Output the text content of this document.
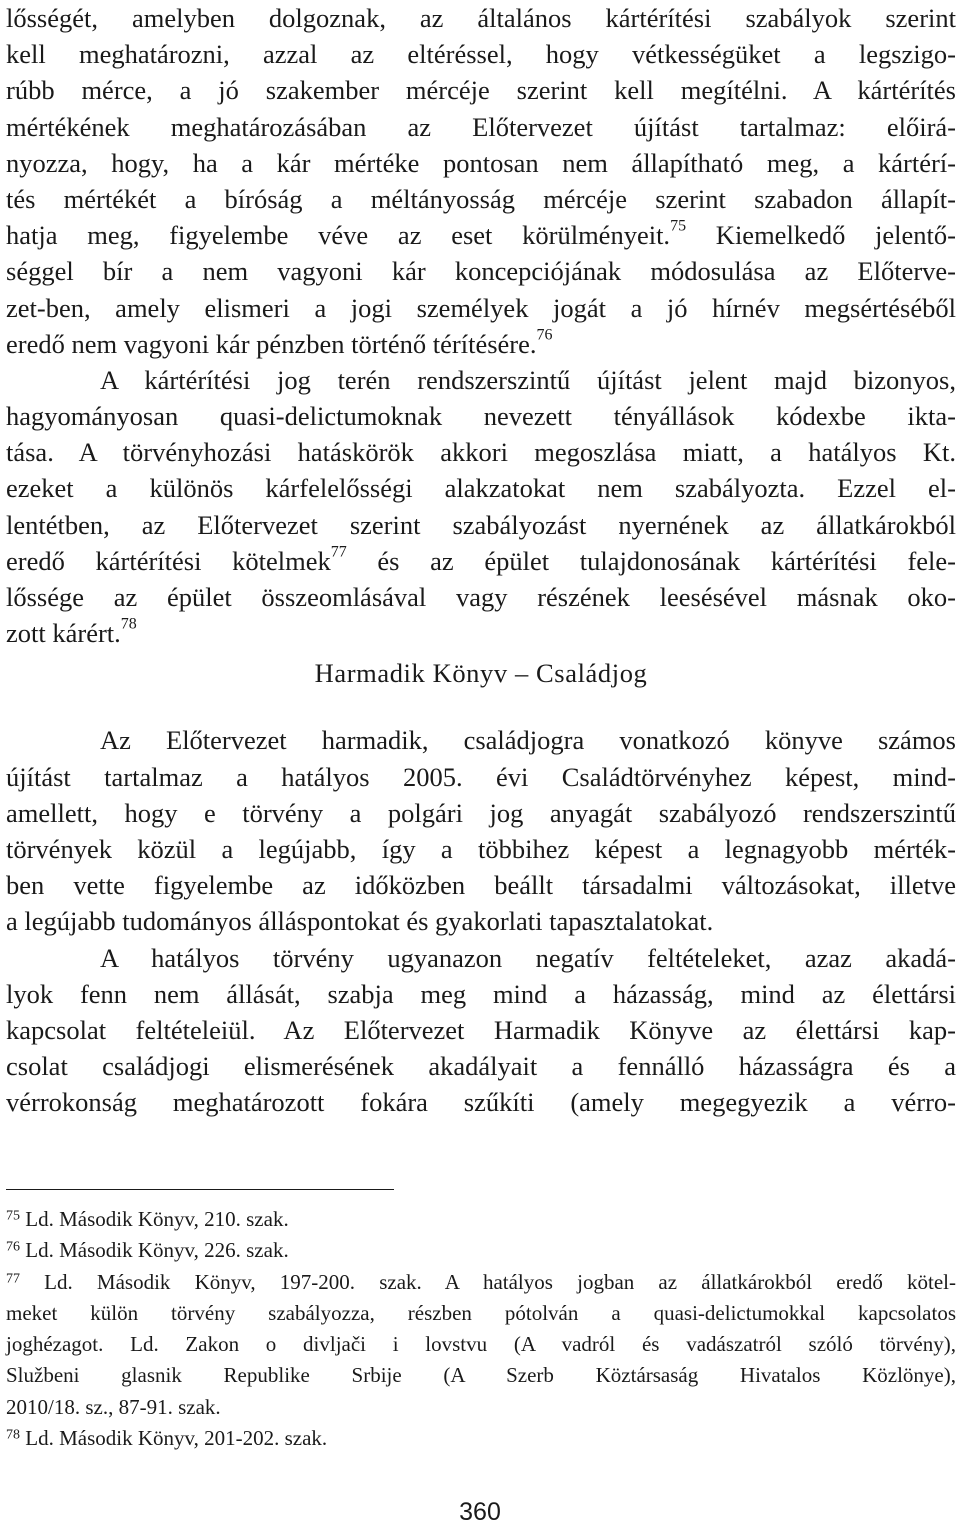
lősségét, amelyben dolgoznak, az általános kártérítési szabályok szerint
kell meghatározni, azzal az eltéréssel, hogy vétkességüket a legszigo-
rúbb mérce, a jó szakember mércéje szerint kell megítélni. A kártérítés
mértékének meghatározásában az Előtervezet újítást tartalmaz: előirá-
nyozza, hogy, ha a kár mértéke pontosan nem állapítható meg, a kártérí-
tés mértékét a bíróság a méltányosság mércéje szerint szabadon állapít-
hatja meg, figyelembe véve az eset körülményeit.$^{75}$ Kiemelkedő jelentő-
séggel bír a nem vagyoni kár koncepciójának módosulása az Előterve-
zet-ben, amely elismeri a jogi személyek jogát a jó hírnév megsértéséből
eredő nem vagyoni kár pénzben történő térítésére.$^{76}$
A kártérítési jog terén rendszerszintű újítást jelent majd bizonyos,
hagyományosan quasi-delictumoknak nevezett tényállások kódexbe ikta-
tása. A törvényhozási hatáskörök akkori megoszlása miatt, a hatályos Kt.
ezeket a különös kárfelelősségi alakzatokat nem szabályozta. Ezzel el-
lentétben, az Előtervezet szerint szabályozást nyernének az állatkárokból
eredő kártérítési kötelmek$^{77}$ és az épület tulajdonosának kártérítési fele-
lőssége az épület összeomlásával vagy részének leesésével másnak oko-
zott kárért.$^{78}$
Harmadik Könyv – Családjog
Az Előtervezet harmadik, családjogra vonatkozó könyve számos
újítást tartalmaz a hatályos 2005. évi Családtörvényhez képest, mind-
amellett, hogy e törvény a polgári jog anyagát szabályozó rendszerszintű
törvények közül a legújabb, így a többihez képest a legnagyobb mérték-
ben vette figyelembe az időközben beállt társadalmi változásokat, illetve
a legújabb tudományos álláspontokat és gyakorlati tapasztalatokat.
A hatályos törvény ugyanazon negatív feltételeket, azaz akadá-
lyok fenn nem állását, szabja meg mind a házasság, mind az élettársi
kapcsolat feltételeiül. Az Előtervezet Harmadik Könyve az élettársi kap-
csolat családjogi elismerésének akadályait a fennálló házasságra és a
vérrokonság meghatározott fokára szűkíti (amely megegyezik a vérro-
$^{75}$ Ld. Második Könyv, 210. szak.
$^{76}$ Ld. Második Könyv, 226. szak.
$^{77}$ Ld. Második Könyv, 197-200. szak. A hatályos jogban az állatkárokból eredő kötel-
meket külön törvény szabályozza, részben pótolván a quasi-delictumokkal kapcsolatos
joghézagot. Ld. Zakon o divljači i lovstvu (A vadról és vadászatról szóló törvény),
Službeni glasnik Republike Srbije (A Szerb Köztársaság Hivatalos Közlönye),
2010/18. sz., 87-91. szak.
$^{78}$ Ld. Második Könyv, 201-202. szak.
360
